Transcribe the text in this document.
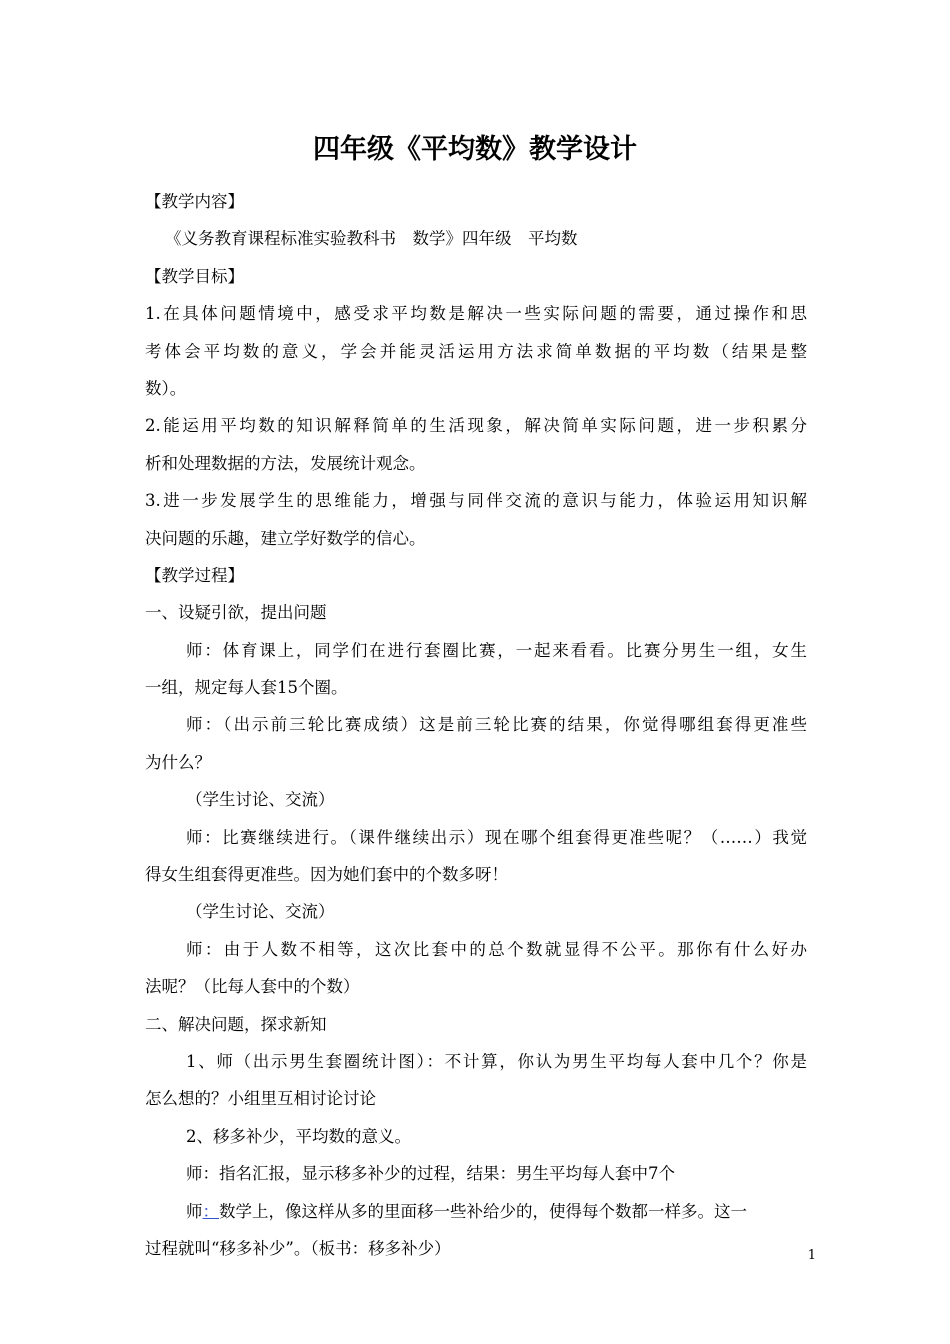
四年级《平均数》教学设计
【教学内容】
《义务教育课程标准实验教科书　数学》四年级　平均数
【教学目标】
1.在具体问题情境中，感受求平均数是解决一些实际问题的需要，通过操作和思
考体会平均数的意义，学会并能灵活运用方法求简单数据的平均数（结果是整
数）。
2.能运用平均数的知识解释简单的生活现象，解决简单实际问题，进一步积累分
析和处理数据的方法，发展统计观念。
3.进一步发展学生的思维能力，增强与同伴交流的意识与能力，体验运用知识解
决问题的乐趣，建立学好数学的信心。
【教学过程】
一、设疑引欲，提出问题
师：体育课上，同学们在进行套圈比赛，一起来看看。比赛分男生一组，女生
一组，规定每人套15个圈。
师：（出示前三轮比赛成绩）这是前三轮比赛的结果，你觉得哪组套得更准些
为什么？
（学生讨论、交流）
师：比赛继续进行。（课件继续出示）现在哪个组套得更准些呢？（……）我觉
得女生组套得更准些。因为她们套中的个数多呀！
（学生讨论、交流）
师：由于人数不相等，这次比套中的总个数就显得不公平。那你有什么好办
法呢？（比每人套中的个数）
二、解决问题，探求新知
1、师（出示男生套圈统计图）：不计算，你认为男生平均每人套中几个？你是
怎么想的？小组里互相讨论讨论
2、移多补少，平均数的意义。
师：指名汇报，显示移多补少的过程，结果：男生平均每人套中7个
师：数学上，像这样从多的里面移一些补给少的，使得每个数都一样多。这一
过程就叫“移多补少”。（板书：移多补少）	1
